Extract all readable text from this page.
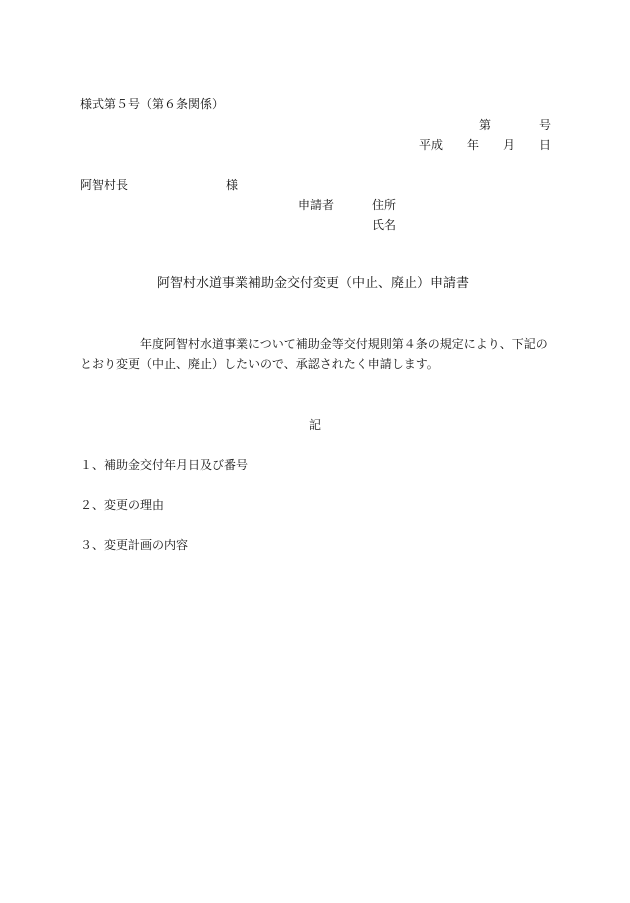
様式第５号（第６条関係）
第	号
平成 年 月 日
阿智村長	様
申請者	住所
氏名
阿智村水道事業補助金交付変更（中止、廃止）申請書
年度阿智村水道事業について補助金等交付規則第４条の規定により、下記の
とおり変更（中止、廃止）したいので、承認されたく申請します。
記
１、補助金交付年月日及び番号
２、変更の理由
３、変更計画の内容
